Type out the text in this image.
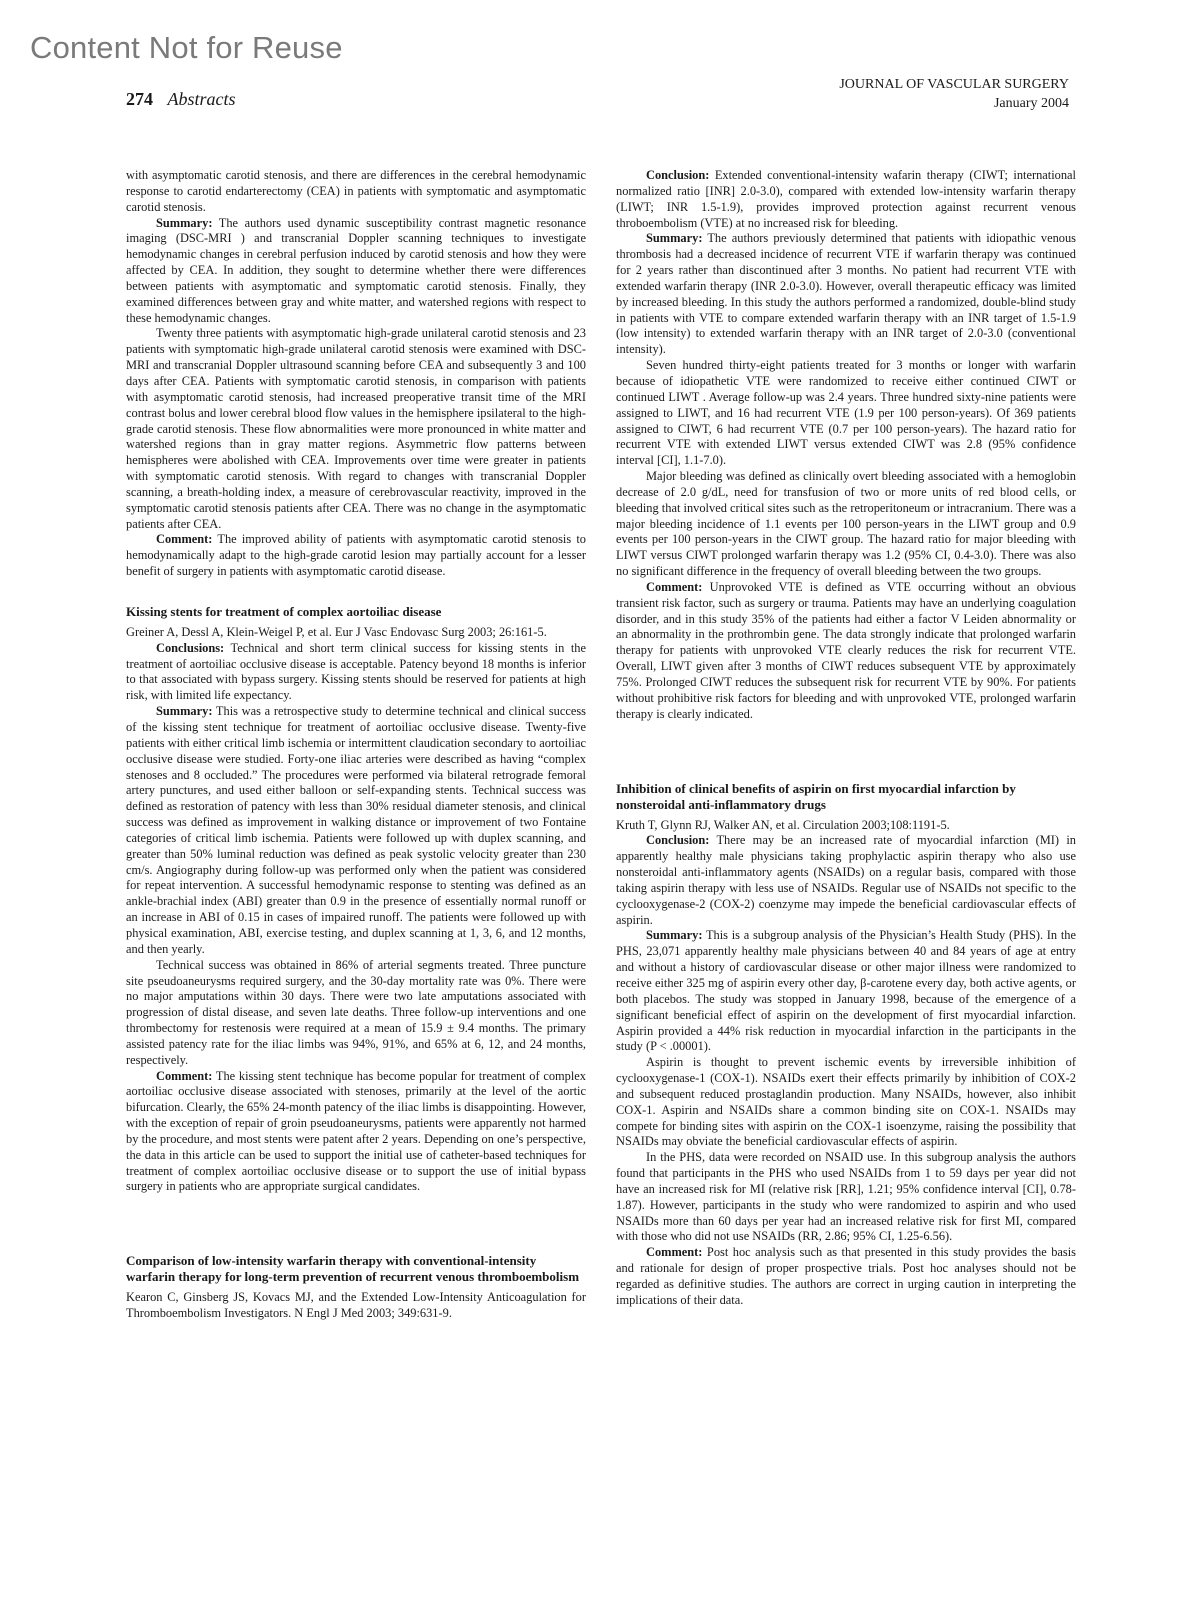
Content Not for Reuse
274 Abstracts
JOURNAL OF VASCULAR SURGERY
January 2004

with asymptomatic carotid stenosis, and there are differences in the cerebral hemodynamic response to carotid endarterectomy (CEA) in patients with symptomatic and asymptomatic carotid stenosis.

Summary: The authors used dynamic susceptibility contrast magnetic resonance imaging (DSC-MRI ) and transcranial Doppler scanning techniques to investigate hemodynamic changes in cerebral perfusion induced by carotid stenosis and how they were affected by CEA. In addition, they sought to determine whether there were differences between patients with asymptomatic and symptomatic carotid stenosis. Finally, they examined differences between gray and white matter, and watershed regions with respect to these hemodynamic changes.

Twenty three patients with asymptomatic high-grade unilateral carotid stenosis and 23 patients with symptomatic high-grade unilateral carotid stenosis were examined with DSC-MRI and transcranial Doppler ultrasound scanning before CEA and subsequently 3 and 100 days after CEA. Patients with symptomatic carotid stenosis, in comparison with patients with asymptomatic carotid stenosis, had increased preoperative transit time of the MRI contrast bolus and lower cerebral blood flow values in the hemisphere ipsilateral to the high-grade carotid stenosis. These flow abnormalities were more pronounced in white matter and watershed regions than in gray matter regions. Asymmetric flow patterns between hemispheres were abolished with CEA. Improvements over time were greater in patients with symptomatic carotid stenosis. With regard to changes with transcranial Doppler scanning, a breath-holding index, a measure of cerebrovascular reactivity, improved in the symptomatic carotid stenosis patients after CEA. There was no change in the asymptomatic patients after CEA.

Comment: The improved ability of patients with asymptomatic carotid stenosis to hemodynamically adapt to the high-grade carotid lesion may partially account for a lesser benefit of surgery in patients with asymptomatic carotid disease.

Kissing stents for treatment of complex aortoiliac disease

Greiner A, Dessl A, Klein-Weigel P, et al. Eur J Vasc Endovasc Surg 2003; 26:161-5.

Conclusions: Technical and short term clinical success for kissing stents in the treatment of aortoiliac occlusive disease is acceptable. Patency beyond 18 months is inferior to that associated with bypass surgery. Kissing stents should be reserved for patients at high risk, with limited life expectancy.

Summary: This was a retrospective study to determine technical and clinical success of the kissing stent technique for treatment of aortoiliac occlusive disease. Twenty-five patients with either critical limb ischemia or intermittent claudication secondary to aortoiliac occlusive disease were studied. Forty-one iliac arteries were described as having “complex stenoses and 8 occluded.” The procedures were performed via bilateral retrograde femoral artery punctures, and used either balloon or self-expanding stents. Technical success was defined as restoration of patency with less than 30% residual diameter stenosis, and clinical success was defined as improvement in walking distance or improvement of two Fontaine categories of critical limb ischemia. Patients were followed up with duplex scanning, and greater than 50% luminal reduction was defined as peak systolic velocity greater than 230 cm/s. Angiography during follow-up was performed only when the patient was considered for repeat intervention. A successful hemodynamic response to stenting was defined as an ankle-brachial index (ABI) greater than 0.9 in the presence of essentially normal runoff or an increase in ABI of 0.15 in cases of impaired runoff. The patients were followed up with physical examination, ABI, exercise testing, and duplex scanning at 1, 3, 6, and 12 months, and then yearly.

Technical success was obtained in 86% of arterial segments treated. Three puncture site pseudoaneurysms required surgery, and the 30-day mortality rate was 0%. There were no major amputations within 30 days. There were two late amputations associated with progression of distal disease, and seven late deaths. Three follow-up interventions and one thrombectomy for restenosis were required at a mean of 15.9 ± 9.4 months. The primary assisted patency rate for the iliac limbs was 94%, 91%, and 65% at 6, 12, and 24 months, respectively.

Comment: The kissing stent technique has become popular for treatment of complex aortoiliac occlusive disease associated with stenoses, primarily at the level of the aortic bifurcation. Clearly, the 65% 24-month patency of the iliac limbs is disappointing. However, with the exception of repair of groin pseudoaneurysms, patients were apparently not harmed by the procedure, and most stents were patent after 2 years. Depending on one’s perspective, the data in this article can be used to support the initial use of catheter-based techniques for treatment of complex aortoiliac occlusive disease or to support the use of initial bypass surgery in patients who are appropriate surgical candidates.

Comparison of low-intensity warfarin therapy with conventional-intensity warfarin therapy for long-term prevention of recurrent venous thromboembolism

Kearon C, Ginsberg JS, Kovacs MJ, and the Extended Low-Intensity Anticoagulation for Thromboembolism Investigators. N Engl J Med 2003; 349:631-9.

Conclusion: Extended conventional-intensity wafarin therapy (CIWT; international normalized ratio [INR] 2.0-3.0), compared with extended low-intensity warfarin therapy (LIWT; INR 1.5-1.9), provides improved protection against recurrent venous throboembolism (VTE) at no increased risk for bleeding.

Summary: The authors previously determined that patients with idiopathic venous thrombosis had a decreased incidence of recurrent VTE if warfarin therapy was continued for 2 years rather than discontinued after 3 months. No patient had recurrent VTE with extended warfarin therapy (INR 2.0-3.0). However, overall therapeutic efficacy was limited by increased bleeding. In this study the authors performed a randomized, double-blind study in patients with VTE to compare extended warfarin therapy with an INR target of 1.5-1.9 (low intensity) to extended warfarin therapy with an INR target of 2.0-3.0 (conventional intensity).

Seven hundred thirty-eight patients treated for 3 months or longer with warfarin because of idiopathetic VTE were randomized to receive either continued CIWT or continued LIWT . Average follow-up was 2.4 years. Three hundred sixty-nine patients were assigned to LIWT, and 16 had recurrent VTE (1.9 per 100 person-years). Of 369 patients assigned to CIWT, 6 had recurrent VTE (0.7 per 100 person-years). The hazard ratio for recurrent VTE with extended LIWT versus extended CIWT was 2.8 (95% confidence interval [CI], 1.1-7.0).

Major bleeding was defined as clinically overt bleeding associated with a hemoglobin decrease of 2.0 g/dL, need for transfusion of two or more units of red blood cells, or bleeding that involved critical sites such as the retroperitoneum or intracranium. There was a major bleeding incidence of 1.1 events per 100 person-years in the LIWT group and 0.9 events per 100 person-years in the CIWT group. The hazard ratio for major bleeding with LIWT versus CIWT prolonged warfarin therapy was 1.2 (95% CI, 0.4-3.0). There was also no significant difference in the frequency of overall bleeding between the two groups.

Comment: Unprovoked VTE is defined as VTE occurring without an obvious transient risk factor, such as surgery or trauma. Patients may have an underlying coagulation disorder, and in this study 35% of the patients had either a factor V Leiden abnormality or an abnormality in the prothrombin gene. The data strongly indicate that prolonged warfarin therapy for patients with unprovoked VTE clearly reduces the risk for recurrent VTE. Overall, LIWT given after 3 months of CIWT reduces subsequent VTE by approximately 75%. Prolonged CIWT reduces the subsequent risk for recurrent VTE by 90%. For patients without prohibitive risk factors for bleeding and with unprovoked VTE, prolonged warfarin therapy is clearly indicated.

Inhibition of clinical benefits of aspirin on first myocardial infarction by nonsteroidal anti-inflammatory drugs

Kruth T, Glynn RJ, Walker AN, et al. Circulation 2003;108:1191-5.

Conclusion: There may be an increased rate of myocardial infarction (MI) in apparently healthy male physicians taking prophylactic aspirin therapy who also use nonsteroidal anti-inflammatory agents (NSAIDs) on a regular basis, compared with those taking aspirin therapy with less use of NSAIDs. Regular use of NSAIDs not specific to the cyclooxygenase-2 (COX-2) coenzyme may impede the beneficial cardiovascular effects of aspirin.

Summary: This is a subgroup analysis of the Physician’s Health Study (PHS). In the PHS, 23,071 apparently healthy male physicians between 40 and 84 years of age at entry and without a history of cardiovascular disease or other major illness were randomized to receive either 325 mg of aspirin every other day, β-carotene every day, both active agents, or both placebos. The study was stopped in January 1998, because of the emergence of a significant beneficial effect of aspirin on the development of first myocardial infarction. Aspirin provided a 44% risk reduction in myocardial infarction in the participants in the study (P < .00001).

Aspirin is thought to prevent ischemic events by irreversible inhibition of cyclooxygenase-1 (COX-1). NSAIDs exert their effects primarily by inhibition of COX-2 and subsequent reduced prostaglandin production. Many NSAIDs, however, also inhibit COX-1. Aspirin and NSAIDs share a common binding site on COX-1. NSAIDs may compete for binding sites with aspirin on the COX-1 isoenzyme, raising the possibility that NSAIDs may obviate the beneficial cardiovascular effects of aspirin.

In the PHS, data were recorded on NSAID use. In this subgroup analysis the authors found that participants in the PHS who used NSAIDs from 1 to 59 days per year did not have an increased risk for MI (relative risk [RR], 1.21; 95% confidence interval [CI], 0.78-1.87). However, participants in the study who were randomized to aspirin and who used NSAIDs more than 60 days per year had an increased relative risk for first MI, compared with those who did not use NSAIDs (RR, 2.86; 95% CI, 1.25-6.56).

Comment: Post hoc analysis such as that presented in this study provides the basis and rationale for design of proper prospective trials. Post hoc analyses should not be regarded as definitive studies. The authors are correct in urging caution in interpreting the implications of their data.
